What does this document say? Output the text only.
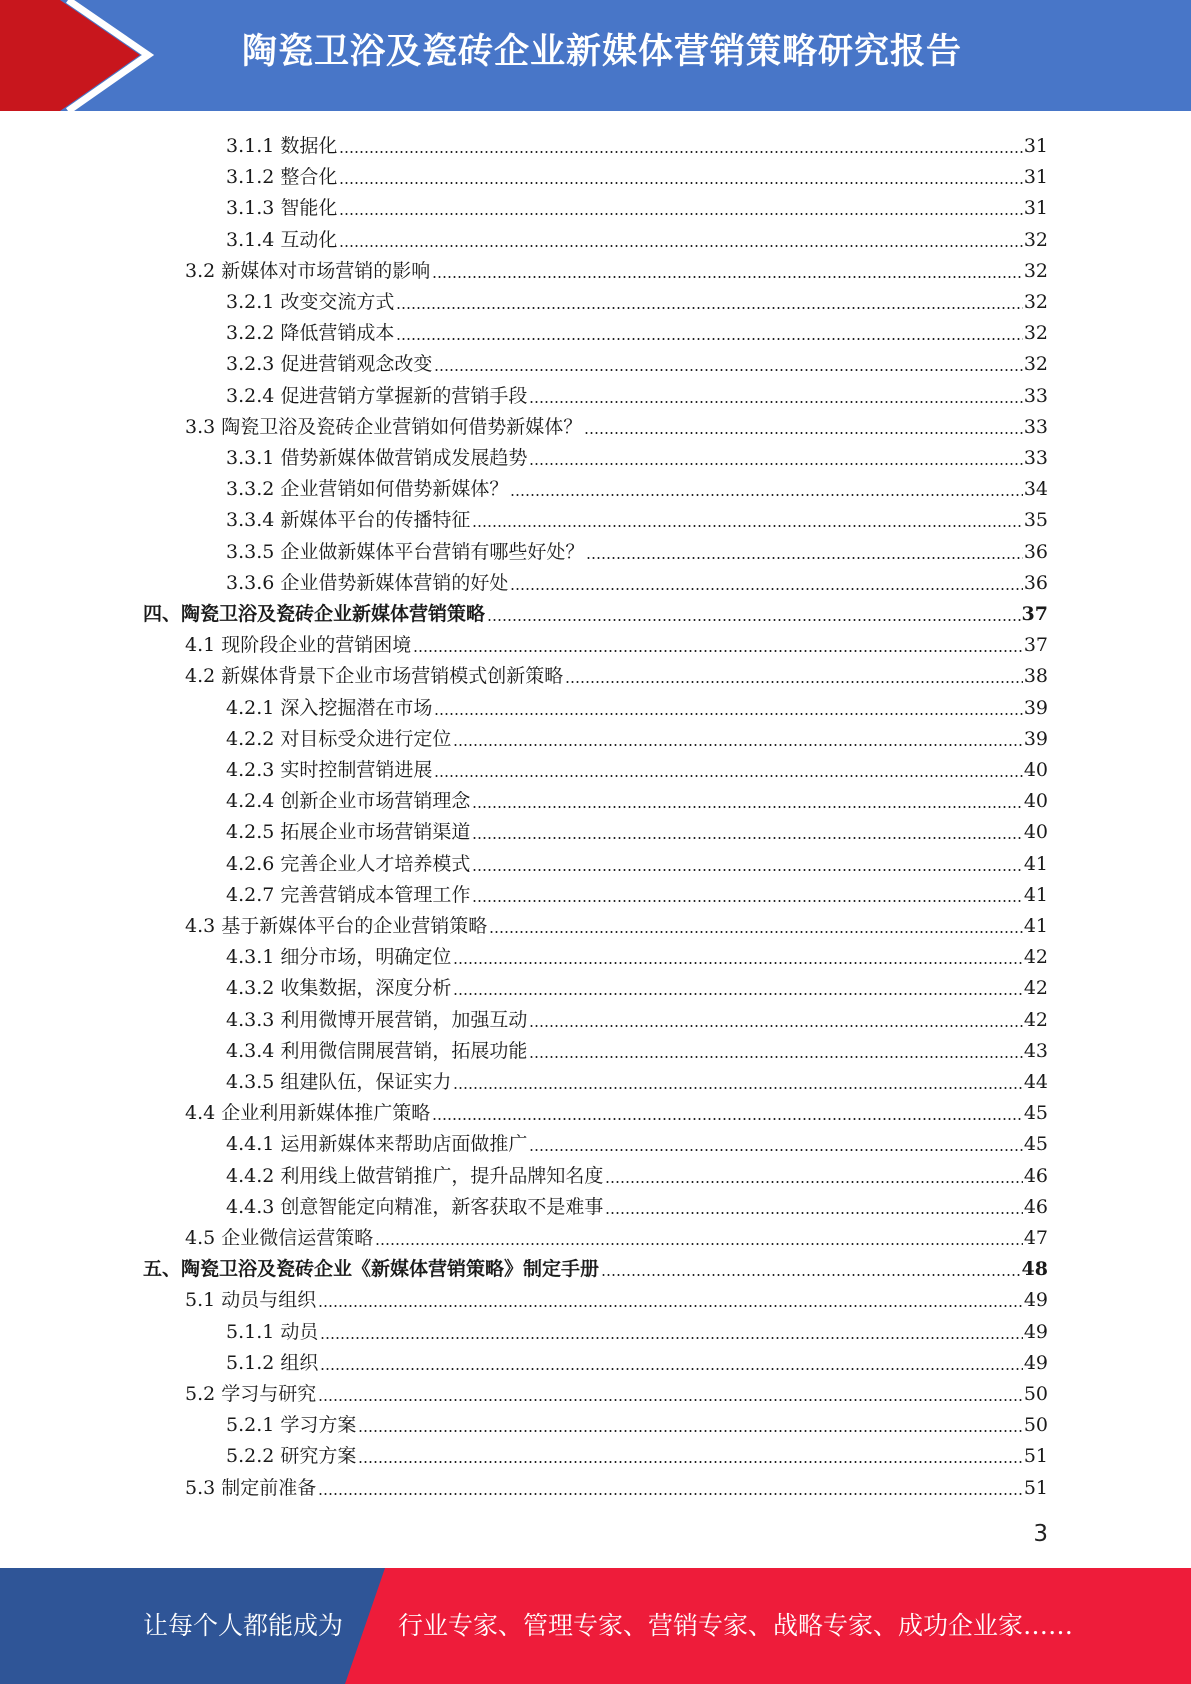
陶瓷卫浴及瓷砖企业新媒体营销策略研究报告
3.1.1 数据化	31
3.1.2 整合化	31
3.1.3 智能化	31
3.1.4 互动化	32
3.2 新媒体对市场营销的影响	32
3.2.1 改变交流方式	32
3.2.2 降低营销成本	32
3.2.3 促进营销观念改变	32
3.2.4 促进营销方掌握新的营销手段	33
3.3 陶瓷卫浴及瓷砖企业营销如何借势新媒体？	33
3.3.1 借势新媒体做营销成发展趋势	33
3.3.2 企业营销如何借势新媒体？	34
3.3.4 新媒体平台的传播特征	35
3.3.5 企业做新媒体平台营销有哪些好处？	36
3.3.6 企业借势新媒体营销的好处	36
四、陶瓷卫浴及瓷砖企业新媒体营销策略	37
4.1 现阶段企业的营销困境	37
4.2 新媒体背景下企业市场营销模式创新策略	38
4.2.1 深入挖掘潜在市场	39
4.2.2 对目标受众进行定位	39
4.2.3 实时控制营销进展	40
4.2.4 创新企业市场营销理念	40
4.2.5 拓展企业市场营销渠道	40
4.2.6 完善企业人才培养模式	41
4.2.7 完善营销成本管理工作	41
4.3 基于新媒体平台的企业营销策略	41
4.3.1 细分市场，明确定位	42
4.3.2 收集数据，深度分析	42
4.3.3 利用微博开展营销，加强互动	42
4.3.4 利用微信開展营销，拓展功能	43
4.3.5 组建队伍，保证实力	44
4.4 企业利用新媒体推广策略	45
4.4.1 运用新媒体来帮助店面做推广	45
4.4.2 利用线上做营销推广，提升品牌知名度	46
4.4.3 创意智能定向精准，新客获取不是难事	46
4.5 企业微信运营策略	47
五、陶瓷卫浴及瓷砖企业《新媒体营销策略》制定手册	48
5.1 动员与组织	49
5.1.1 动员	49
5.1.2 组织	49
5.2 学习与研究	50
5.2.1 学习方案	50
5.2.2 研究方案	51
5.3 制定前准备	51
3
让每个人都能成为 行业专家、管理专家、营销专家、战略专家、成功企业家……
